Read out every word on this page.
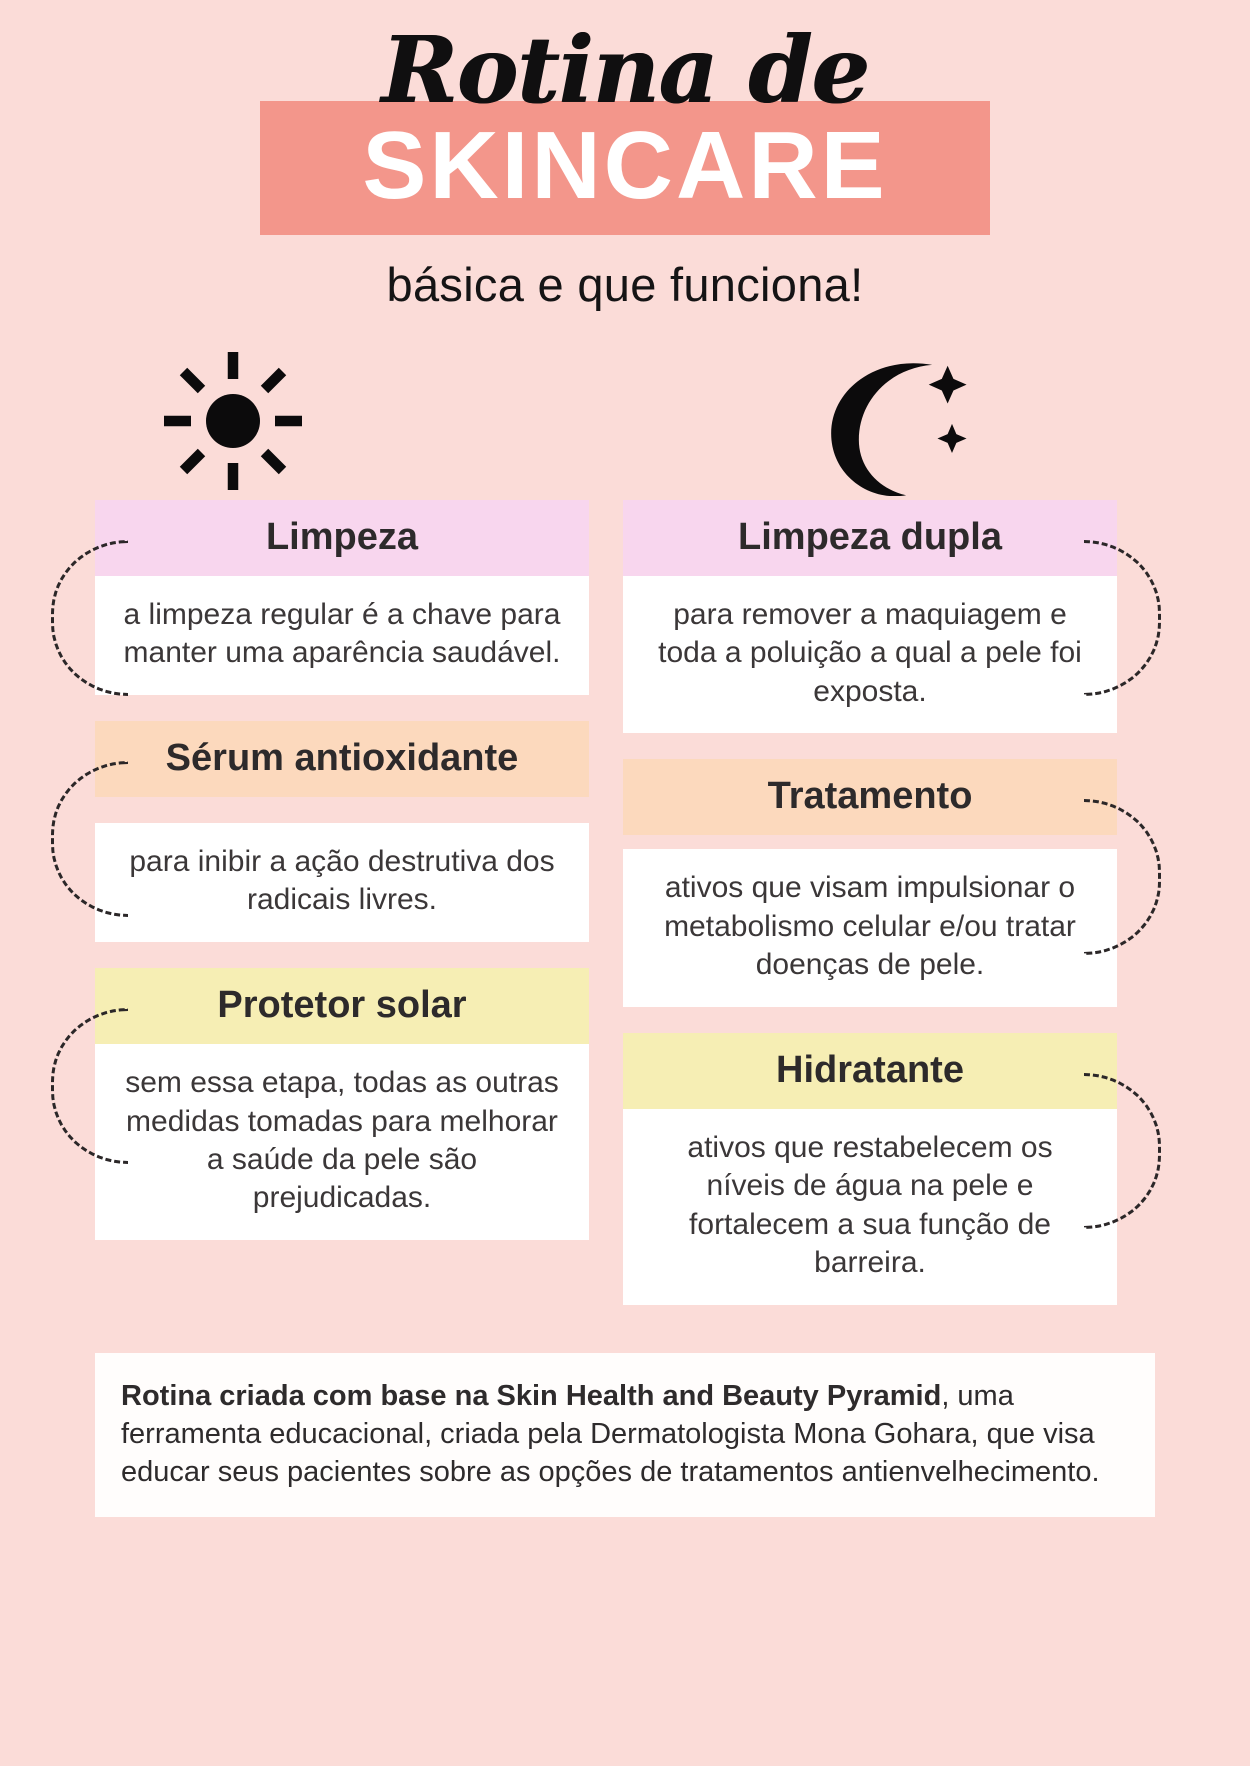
Rotina de

SKINCARE

básica e que funciona!

Limpeza
a limpeza regular é a chave para manter uma aparência saudável.
Sérum antioxidante
para inibir a ação destrutiva dos radicais livres.
Protetor solar
sem essa etapa, todas as outras medidas tomadas para melhorar a saúde da pele são prejudicadas.
Limpeza dupla
para remover a maquiagem e toda a poluição a qual a pele foi exposta.
Tratamento
ativos que visam impulsionar o metabolismo celular e/ou tratar doenças de pele.
Hidratante
ativos que restabelecem os níveis de água na pele e fortalecem a sua função de barreira.
Rotina criada com base na Skin Health and Beauty Pyramid, uma ferramenta educacional, criada pela Dermatologista Mona Gohara, que visa educar seus pacientes sobre as opções de tratamentos antienvelhecimento.
